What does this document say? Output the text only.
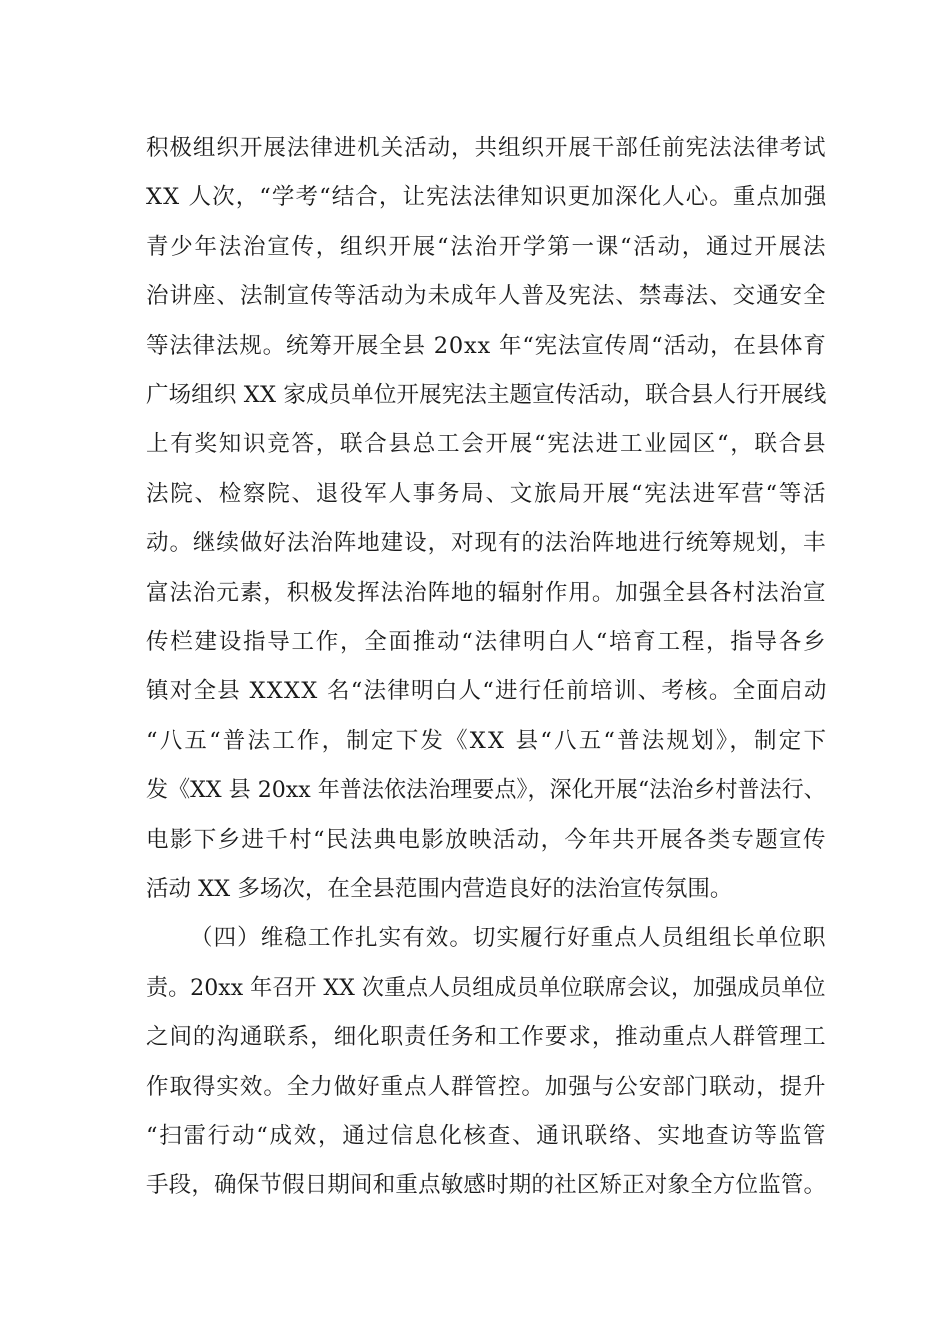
积极组织开展法律进机关活动，共组织开展干部任前宪法法律考试
XX 人次，“学考“结合，让宪法法律知识更加深化人心。重点加强
青少年法治宣传，组织开展“法治开学第一课“活动，通过开展法
治讲座、法制宣传等活动为未成年人普及宪法、禁毒法、交通安全
等法律法规。统筹开展全县 20xx 年“宪法宣传周“活动，在县体育
广场组织 XX 家成员单位开展宪法主题宣传活动，联合县人行开展线
上有奖知识竞答，联合县总工会开展“宪法进工业园区“，联合县
法院、检察院、退役军人事务局、文旅局开展“宪法进军营“等活
动。继续做好法治阵地建设，对现有的法治阵地进行统筹规划，丰
富法治元素，积极发挥法治阵地的辐射作用。加强全县各村法治宣
传栏建设指导工作，全面推动“法律明白人“培育工程，指导各乡
镇对全县 XXXX 名“法律明白人“进行任前培训、考核。全面启动
“八五“普法工作，制定下发《XX 县“八五“普法规划》，制定下
发《XX 县 20xx 年普法依法治理要点》，深化开展“法治乡村普法行、
电影下乡进千村“民法典电影放映活动，今年共开展各类专题宣传
活动 XX 多场次，在全县范围内营造良好的法治宣传氛围。
（四）维稳工作扎实有效。切实履行好重点人员组组长单位职
责。20xx 年召开 XX 次重点人员组成员单位联席会议，加强成员单位
之间的沟通联系，细化职责任务和工作要求，推动重点人群管理工
作取得实效。全力做好重点人群管控。加强与公安部门联动，提升
“扫雷行动“成效，通过信息化核查、通讯联络、实地查访等监管
手段，确保节假日期间和重点敏感时期的社区矫正对象全方位监管。
